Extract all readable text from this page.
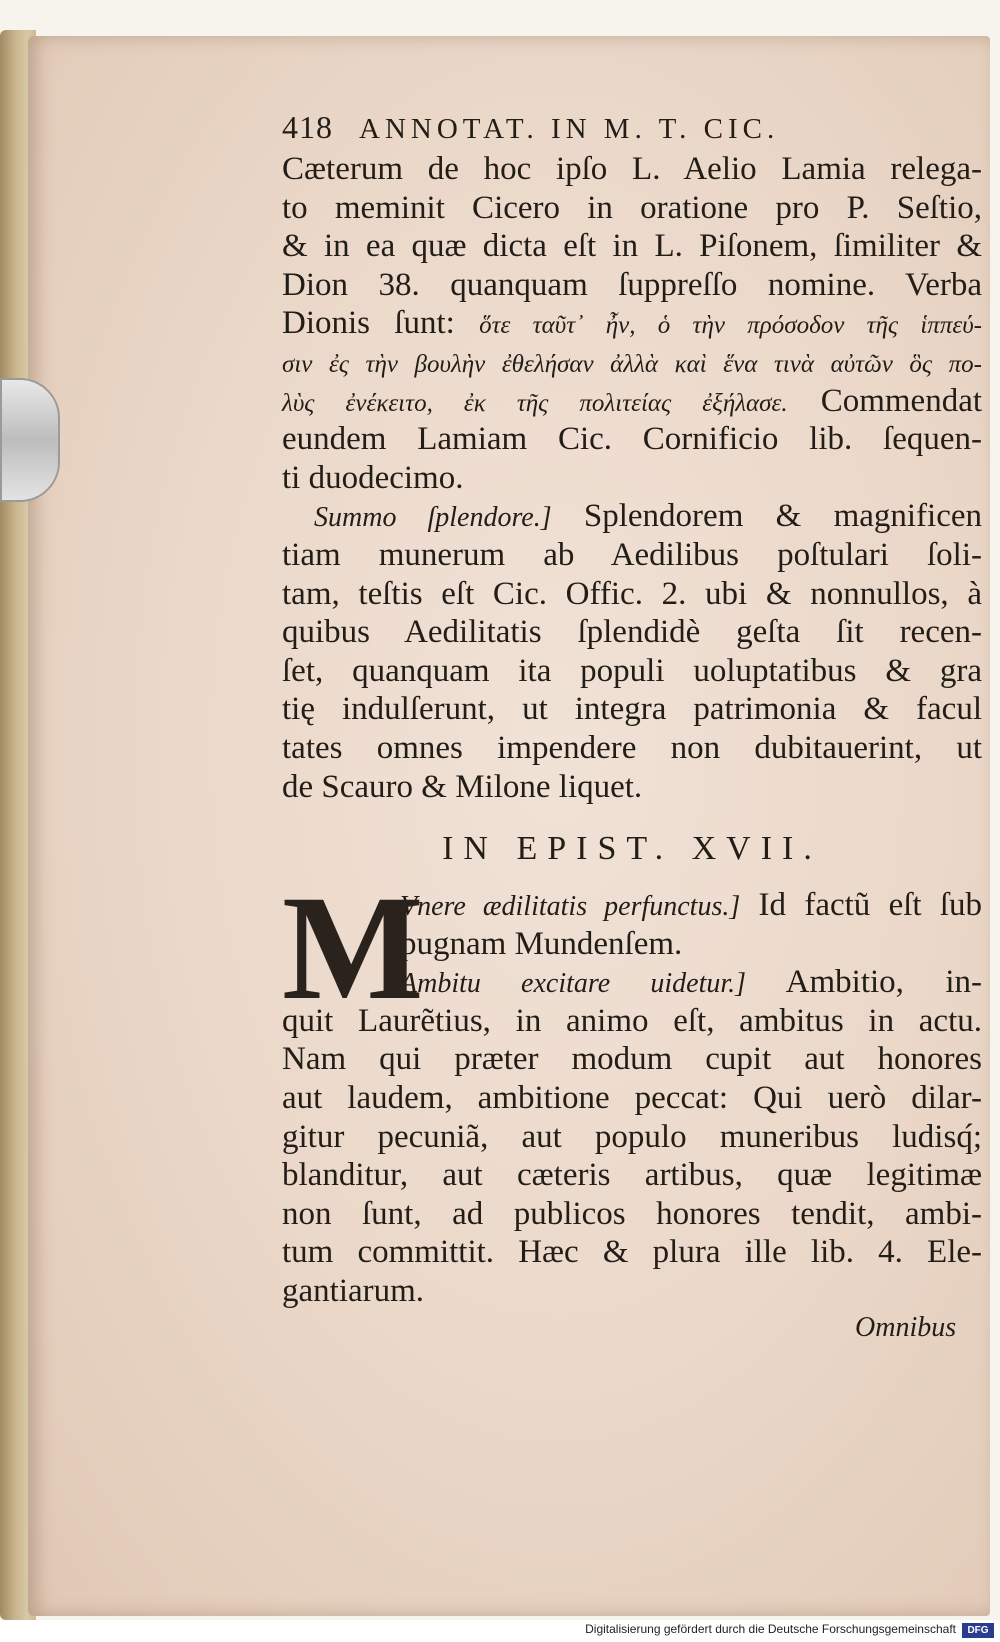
418 ANNOTAT. IN M. T. CIC.
Cæterum de hoc ipſo L. Aelio Lamia relega-
to meminit Cicero in oratione pro P. Seſtio,
& in ea quæ dicta eſt in L. Piſonem, ſimiliter &
Dion 38. quanquam ſuppreſſo nomine. Verba
Dionis ſunt: ὅτε ταῦτ᾽ ἦν, ὁ τὴν πρόσοδον τῆς ἱππεύ-
σιν ἐς τὴν βουλὴν ἐθελήσαν ἀλλὰ καὶ ἕνα τινὰ αὐτῶν ὃς πο-
λὺς ἐνέκειτο, ἐκ τῆς πολιτείας ἐξήλασε. Commendat
eundem Lamiam Cic. Cornificio lib. ſequen-
ti duodecimo.
Summo ſplendore.] Splendorem & magnificen
tiam munerum ab Aedilibus poſtulari ſoli-
tam, teſtis eſt Cic. Offic. 2. ubi & nonnullos, à
quibus Aedilitatis ſplendidè geſta ſit recen-
ſet, quanquam ita populi uoluptatibus & gra
tię indulſerunt, ut integra patrimonia & facul
tates omnes impendere non dubitauerint, ut
de Scauro & Milone liquet.
IN EPIST. XVII.
M
Vnere ædilitatis perfunctus.] Id factũ eſt ſub
pugnam Mundenſem.
Ambitu excitare uidetur.] Ambitio, in-
quit Laurẽtius, in animo eſt, ambitus in actu.
Nam qui præter modum cupit aut honores
aut laudem, ambitione peccat: Qui uerò dilar-
gitur pecuniã, aut populo muneribus ludisq́;
blanditur, aut cæteris artibus, quæ legitimæ
non ſunt, ad publicos honores tendit, ambi-
tum committit. Hæc & plura ille lib. 4. Ele-
gantiarum.
Omnibus
Digitalisierung gefördert durch die Deutsche Forschungsgemeinschaft	DFG
